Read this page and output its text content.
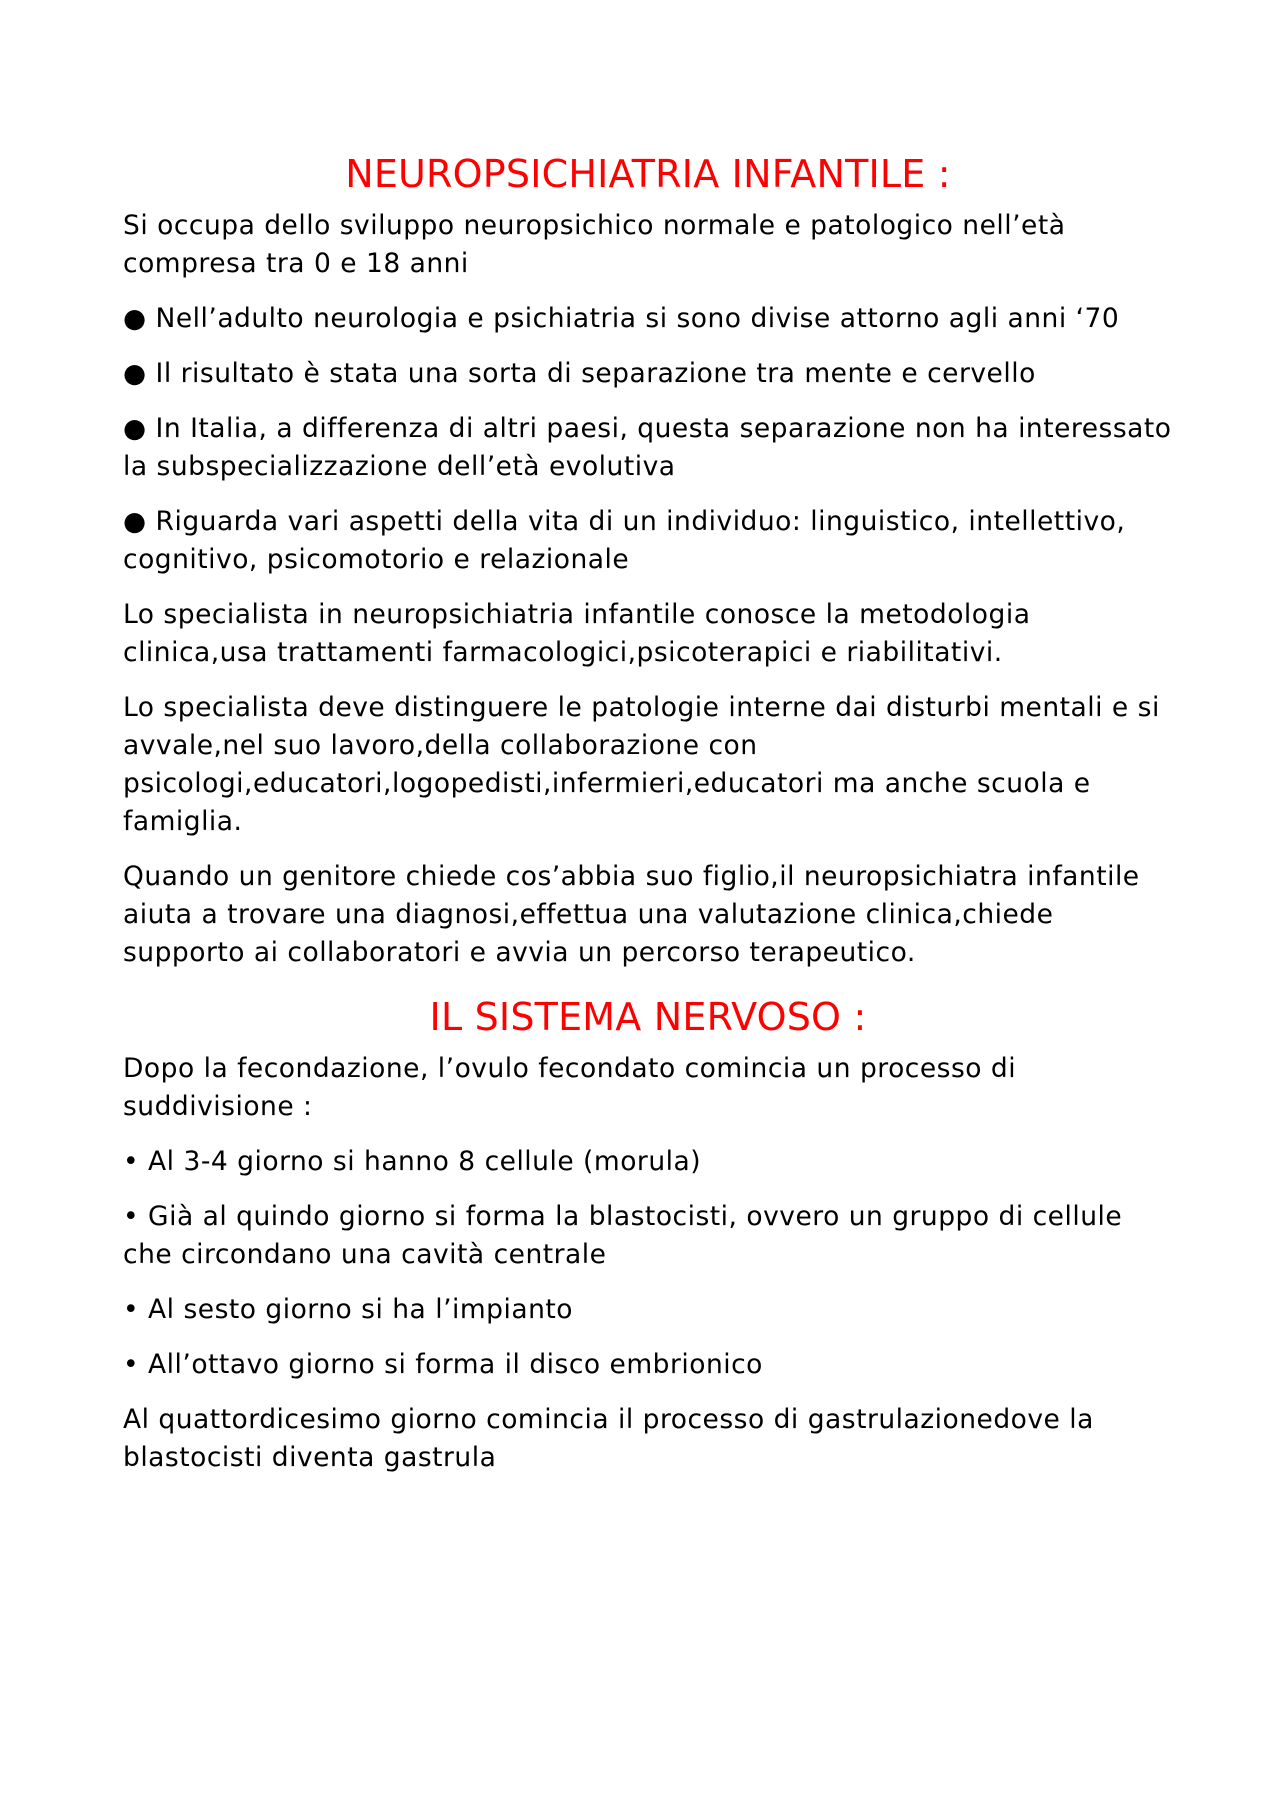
NEUROPSICHIATRIA INFANTILE :

Si occupa dello sviluppo neuropsichico normale e patologico nell’età compresa tra 0 e 18 anni

● Nell’adulto neurologia e psichiatria si sono divise attorno agli anni ‘70

● Il risultato è stata una sorta di separazione tra mente e cervello

● In Italia, a differenza di altri paesi, questa separazione non ha interessato la subspecializzazione dell’età evolutiva

● Riguarda vari aspetti della vita di un individuo: linguistico, intellettivo, cognitivo, psicomotorio e relazionale

Lo specialista in neuropsichiatria infantile conosce la metodologia clinica,usa trattamenti farmacologici,psicoterapici e riabilitativi.

Lo specialista deve distinguere le patologie interne dai disturbi mentali e si avvale,nel suo lavoro,della collaborazione con psicologi,educatori,logopedisti,infermieri,educatori ma anche scuola e famiglia.

Quando un genitore chiede cos’abbia suo figlio,il neuropsichiatra infantile aiuta a trovare una diagnosi,effettua una valutazione clinica,chiede supporto ai collaboratori e avvia un percorso terapeutico.

IL SISTEMA NERVOSO :

Dopo la fecondazione, l’ovulo fecondato comincia un processo di suddivisione :

• Al 3-4 giorno si hanno 8 cellule (morula)

• Già al quindo giorno si forma la blastocisti, ovvero un gruppo di cellule che circondano una cavità centrale

• Al sesto giorno si ha l’impianto

• All’ottavo giorno si forma il disco embrionico

Al quattordicesimo giorno comincia il processo di gastrulazionedove la blastocisti diventa gastrula
